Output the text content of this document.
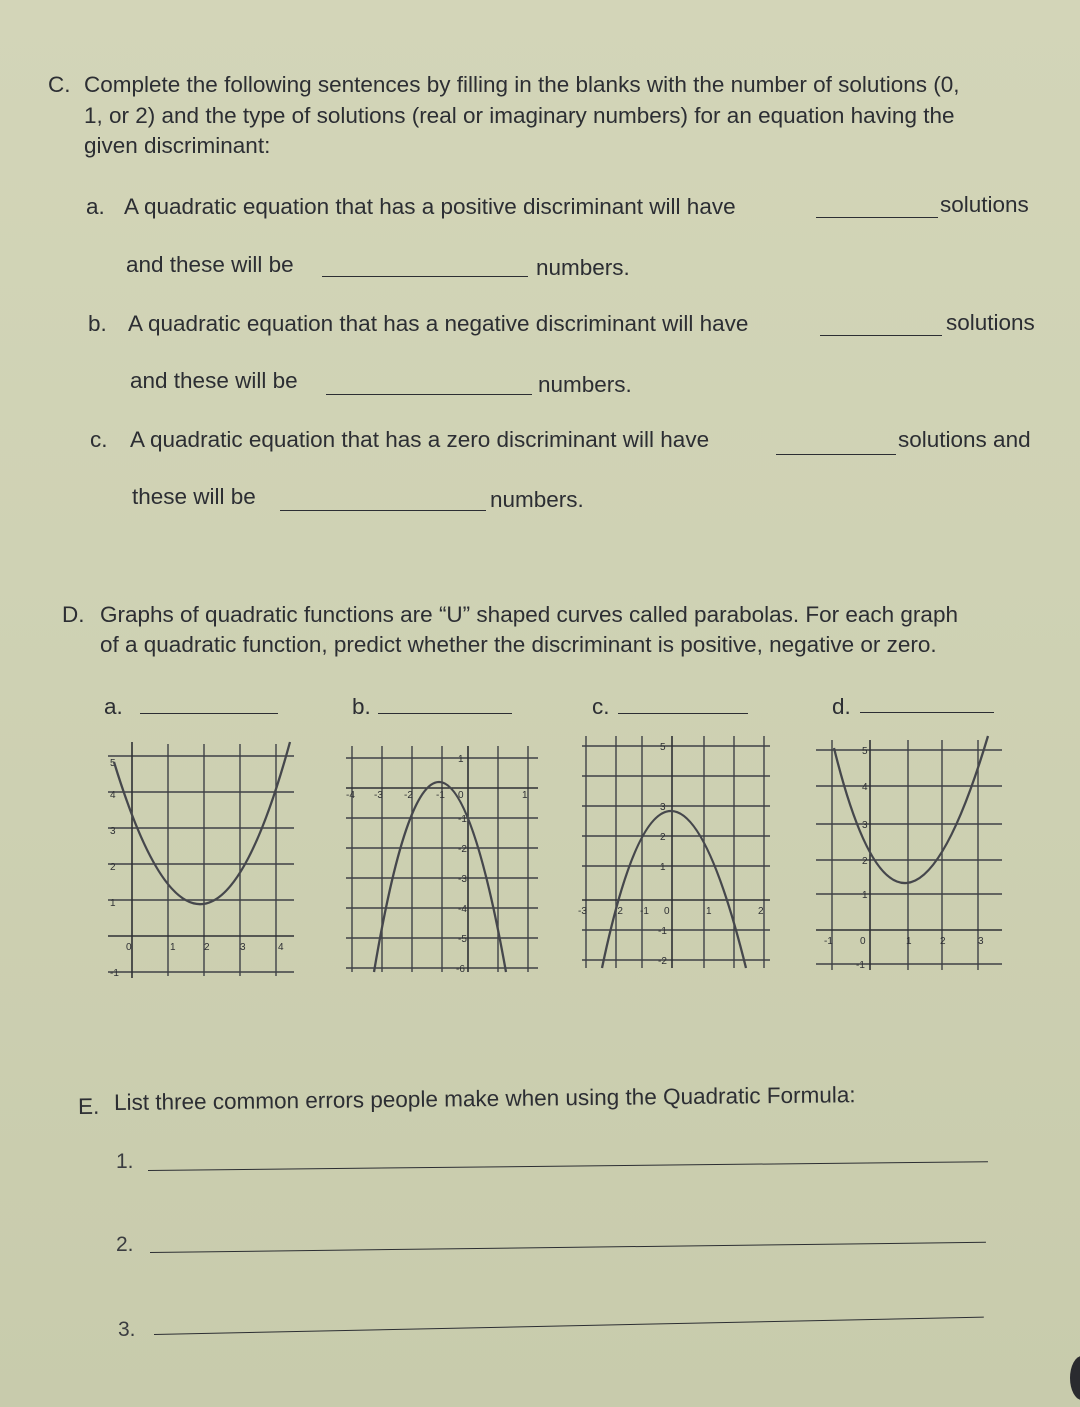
C. Complete the following sentences by filling in the blanks with the number of solutions (0,
1, or 2) and the type of solutions (real or imaginary numbers) for an equation having the
given discriminant:
a. A quadratic equation that has a positive discriminant will have	solutions
and these will be	numbers.
b. A quadratic equation that has a negative discriminant will have	solutions
and these will be	numbers.
c. A quadratic equation that has a zero discriminant will have	solutions and
these will be	numbers.
D. Graphs of quadratic functions are “U” shaped curves called parabolas. For each graph
of a quadratic function, predict whether the discriminant is positive, negative or zero.
a.	b.	c.	d.
0	1	2	3	4
5
4
3
2
1
-1
-4 -3 -2 -1 0	1
1
-1
-2
-3
-4
-5
-6
-3	-2 -1 0	1	2
5
3
2
1
-1
-2
-1	0	1	2	3
5
4
3
2
1
-1
E. List three common errors people make when using the Quadratic Formula:
1.
2.
3.
